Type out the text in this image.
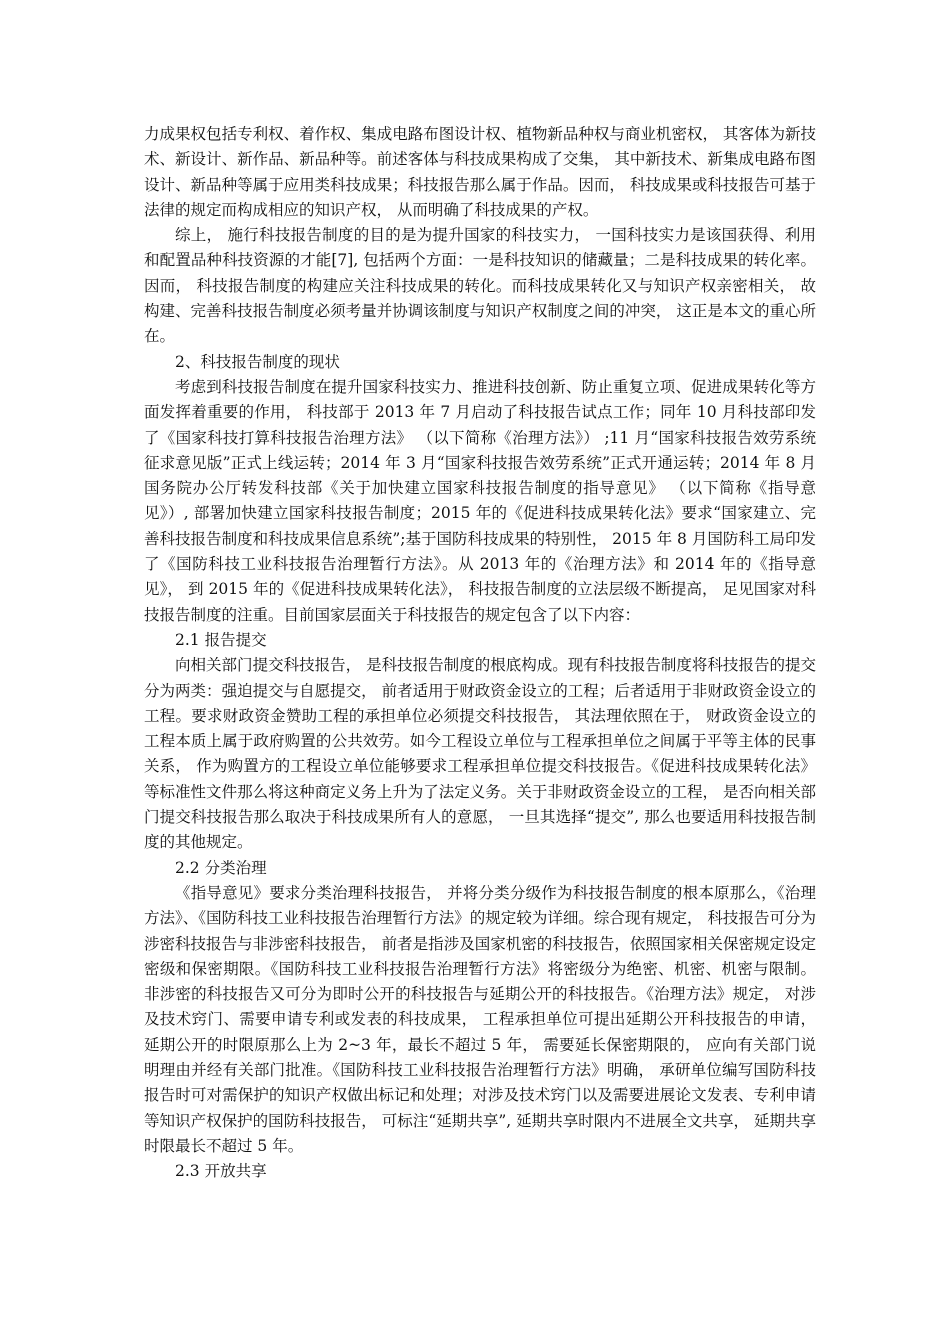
力成果权包括专利权、着作权、集成电路布图设计权、植物新品种权与商业机密权， 其客体为新技术、新设计、新作品、新品种等。前述客体与科技成果构成了交集， 其中新技术、新集成电路布图设计、新品种等属于应用类科技成果；科技报告那么属于作品。因而， 科技成果或科技报告可基于法律的规定而构成相应的知识产权， 从而明确了科技成果的产权。

综上， 施行科技报告制度的目的是为提升国家的科技实力， 一国科技实力是该国获得、利用和配置品种科技资源的才能[7], 包括两个方面：一是科技知识的储藏量；二是科技成果的转化率。因而， 科技报告制度的构建应关注科技成果的转化。而科技成果转化又与知识产权亲密相关， 故构建、完善科技报告制度必须考量并协调该制度与知识产权制度之间的冲突， 这正是本文的重心所在。

2、科技报告制度的现状

考虑到科技报告制度在提升国家科技实力、推进科技创新、防止重复立项、促进成果转化等方面发挥着重要的作用， 科技部于 2013 年 7 月启动了科技报告试点工作；同年 10 月科技部印发了《国家科技打算科技报告治理方法》 （以下简称《治理方法》） ;11 月“国家科技报告效劳系统征求意见版”正式上线运转；2014 年 3 月“国家科技报告效劳系统”正式开通运转；2014 年 8 月国务院办公厅转发科技部《关于加快建立国家科技报告制度的指导意见》 （以下简称《指导意见》）, 部署加快建立国家科技报告制度；2015 年的《促进科技成果转化法》要求“国家建立、完善科技报告制度和科技成果信息系统”;基于国防科技成果的特别性， 2015 年 8 月国防科工局印发了《国防科技工业科技报告治理暂行方法》。从 2013 年的《治理方法》和 2014 年的《指导意见》， 到 2015 年的《促进科技成果转化法》， 科技报告制度的立法层级不断提高， 足见国家对科技报告制度的注重。目前国家层面关于科技报告的规定包含了以下内容：

2.1 报告提交

向相关部门提交科技报告， 是科技报告制度的根底构成。现有科技报告制度将科技报告的提交分为两类：强迫提交与自愿提交， 前者适用于财政资金设立的工程；后者适用于非财政资金设立的工程。要求财政资金赞助工程的承担单位必须提交科技报告， 其法理依照在于， 财政资金设立的工程本质上属于政府购置的公共效劳。如今工程设立单位与工程承担单位之间属于平等主体的民事关系， 作为购置方的工程设立单位能够要求工程承担单位提交科技报告。《促进科技成果转化法》等标准性文件那么将这种商定义务上升为了法定义务。关于非财政资金设立的工程， 是否向相关部门提交科技报告那么取决于科技成果所有人的意愿， 一旦其选择“提交”, 那么也要适用科技报告制度的其他规定。

2.2 分类治理

《指导意见》要求分类治理科技报告， 并将分类分级作为科技报告制度的根本原那么，《治理方法》、《国防科技工业科技报告治理暂行方法》的规定较为详细。综合现有规定， 科技报告可分为涉密科技报告与非涉密科技报告， 前者是指涉及国家机密的科技报告，依照国家相关保密规定设定密级和保密期限。《国防科技工业科技报告治理暂行方法》将密级分为绝密、机密、机密与限制。非涉密的科技报告又可分为即时公开的科技报告与延期公开的科技报告。《治理方法》规定， 对涉及技术窍门、需要申请专利或发表的科技成果， 工程承担单位可提出延期公开科技报告的申请， 延期公开的时限原那么上为 2~3 年，最长不超过 5 年， 需要延长保密期限的， 应向有关部门说明理由并经有关部门批准。《国防科技工业科技报告治理暂行方法》明确， 承研单位编写国防科技报告时可对需保护的知识产权做出标记和处理；对涉及技术窍门以及需要进展论文发表、专利申请等知识产权保护的国防科技报告， 可标注“延期共享”, 延期共享时限内不进展全文共享， 延期共享时限最长不超过 5 年。

2.3 开放共享
